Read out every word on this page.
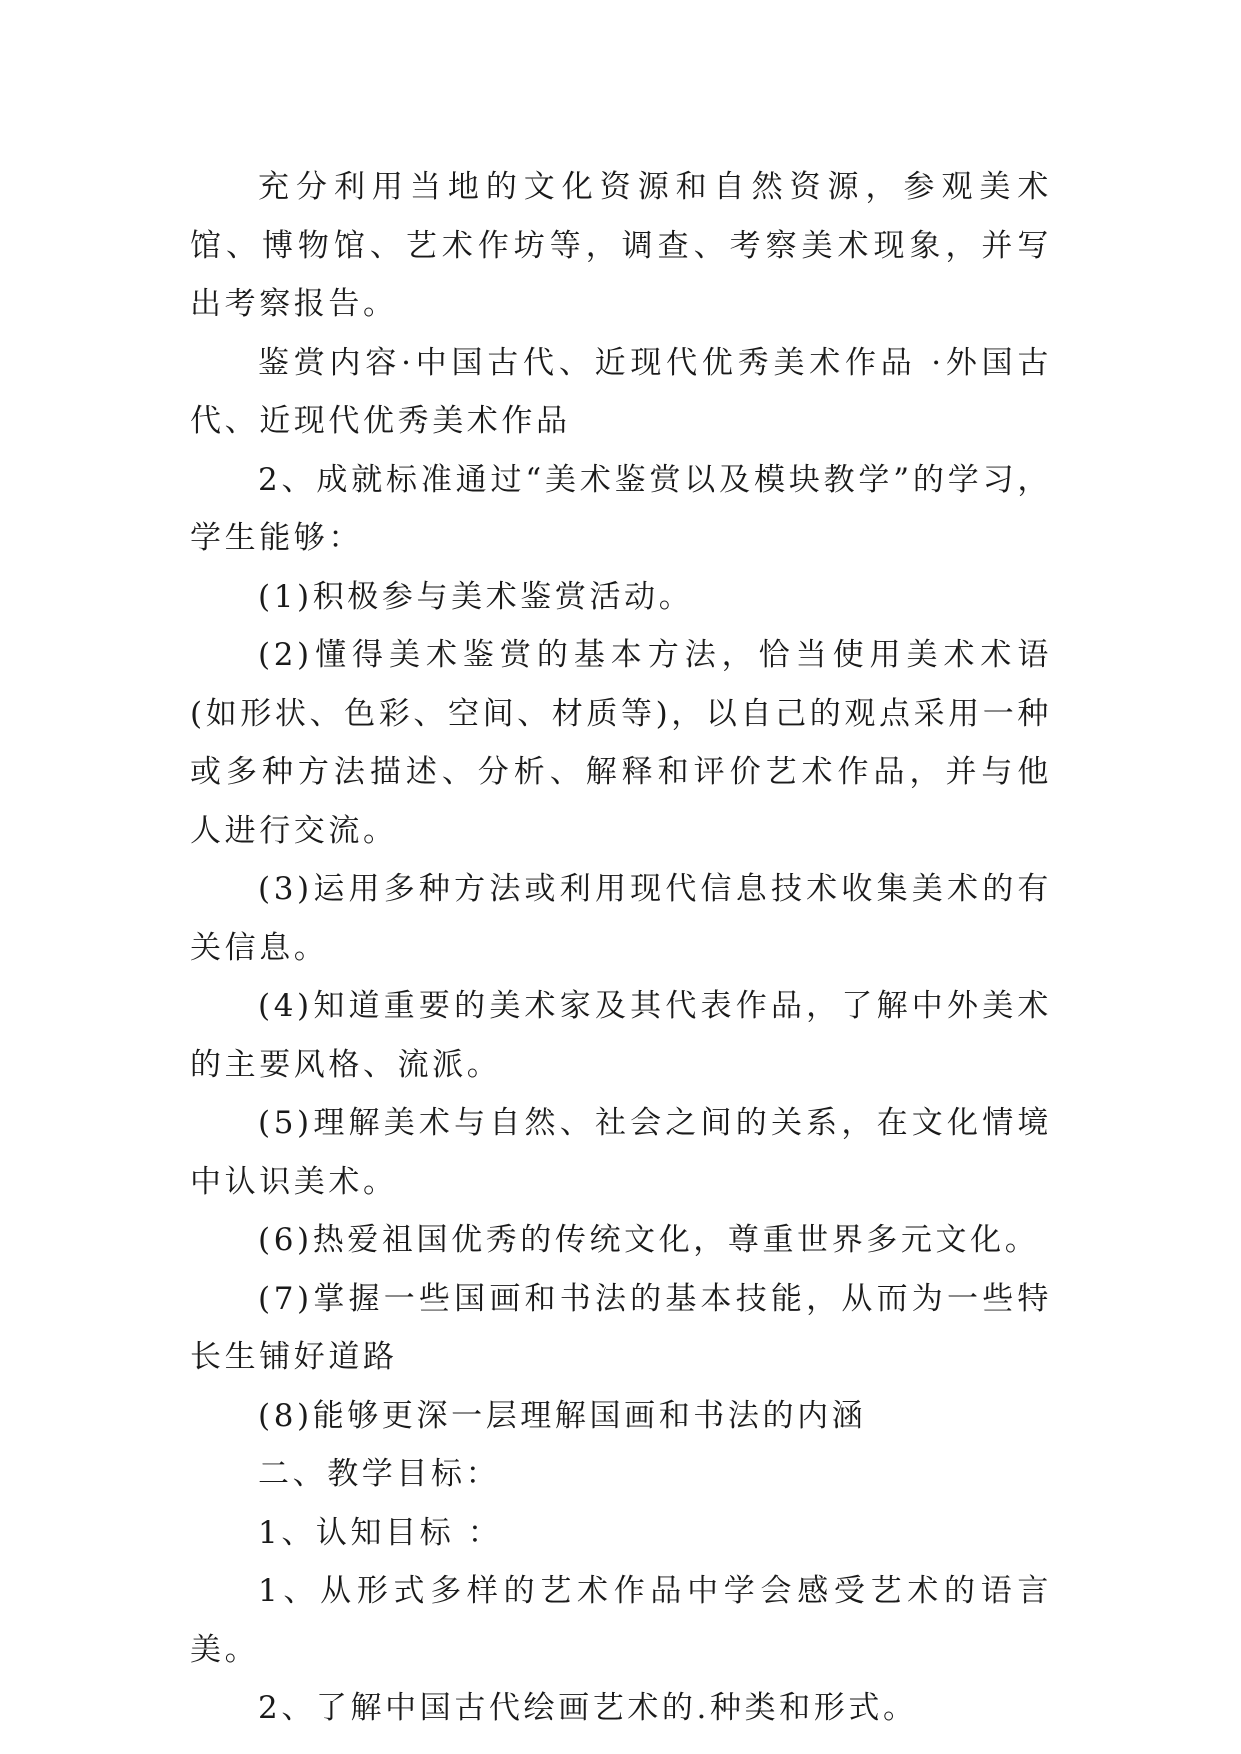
充分利用当地的文化资源和自然资源，参观美术馆、博物馆、艺术作坊等，调查、考察美术现象，并写出考察报告。

鉴赏内容·中国古代、近现代优秀美术作品 ·外国古代、近现代优秀美术作品

2、成就标准通过“美术鉴赏以及模块教学”的学习，学生能够：

(1)积极参与美术鉴赏活动。

(2)懂得美术鉴赏的基本方法，恰当使用美术术语(如形状、色彩、空间、材质等)，以自己的观点采用一种或多种方法描述、分析、解释和评价艺术作品，并与他人进行交流。

(3)运用多种方法或利用现代信息技术收集美术的有关信息。

(4)知道重要的美术家及其代表作品，了解中外美术的主要风格、流派。

(5)理解美术与自然、社会之间的关系，在文化情境中认识美术。

(6)热爱祖国优秀的传统文化，尊重世界多元文化。

(7)掌握一些国画和书法的基本技能，从而为一些特长生铺好道路

(8)能够更深一层理解国画和书法的内涵

二、教学目标：

1、认知目标 ：

1、从形式多样的艺术作品中学会感受艺术的语言美。

2、了解中国古代绘画艺术的.种类和形式。
